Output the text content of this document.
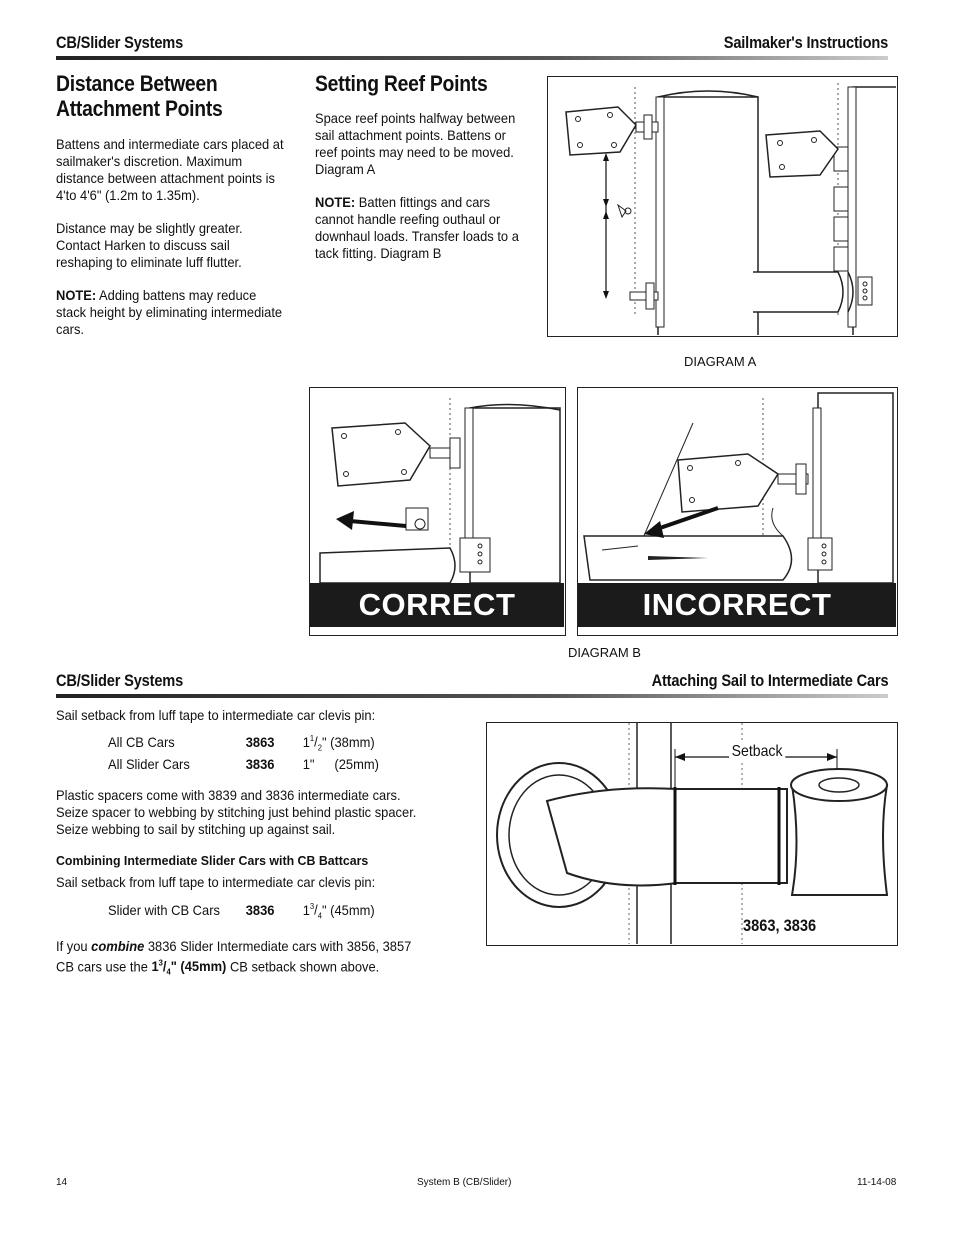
CB/Slider Systems	Sailmaker's Instructions
Distance Between
Attachment Points

Battens and intermediate cars placed at sailmaker's discretion. Maximum distance between attachment points is 4'to 4'6" (1.2m to 1.35m).

Distance may be slightly greater. Contact Harken to discuss sail reshaping to eliminate luff flutter.

NOTE: Adding battens may reduce stack height by eliminating intermediate cars.

Setting Reef Points

Space reef points halfway between sail attachment points. Battens or reef points may need to be moved. Diagram A

NOTE: Batten fittings and cars cannot handle reefing outhaul or downhaul loads. Transfer loads to a tack fitting. Diagram B

DIAGRAM A
CORRECT	INCORRECT
DIAGRAM B
CB/Slider Systems	Attaching Sail to Intermediate Cars
Sail setback from luff tape to intermediate car clevis pin:
All CB Cars	3863 $1^1/_2$" (38mm)
All Slider Cars	3836 1"   (25mm)
Plastic spacers come with 3839 and 3836 intermediate cars. Seize spacer to webbing by stitching just behind plastic spacer. Seize webbing to sail by stitching up against sail.
Combining Intermediate Slider Cars with CB Battcars
Sail setback from luff tape to intermediate car clevis pin:
Slider with CB Cars 3836 $1^3/_4$" (45mm)
If you combine 3836 Slider Intermediate cars with 3856, 3857 CB cars use the $1^3/_4$" (45mm) CB setback shown above.
Setback
3863, 3836
14	System B (CB/Slider)	11-14-08
